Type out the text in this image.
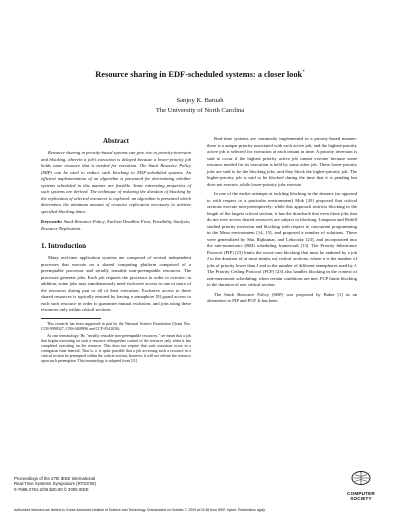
Resource sharing in EDF-scheduled systems: a closer look*
Sanjoy K. Baruah
The University of North Carolina
Abstract

Resource sharing in priority-based systems can give rise to priority-inversion and blocking, wherein a job's execution is delayed because a lower-priority job holds some resource that is needed for execution. The Stack Resource Policy (SRP) can be used to reduce such blocking in EDF-scheduled systems. An efficient implementation of an algorithm is presented for determining whether systems scheduled in this manner are feasible. Some interesting properties of such systems are derived. The technique of reducing the duration of blocking by the replication of selected resources is explored: an algorithm is presented which determines the minimum amount of resource replication necessary to achieve specified blocking times.

Keywords: Stack Resource Policy; Earliest Deadline First; Feasibility Analysis; Resource Replication.
1. Introduction

Many real-time application systems are composed of several independent processes that execute on a shared computing platform comprised of a preemptable processor and serially reusable non-preemptable resources. The processes generate jobs. Each job requires the processor in order to execute; in addition, some jobs may simultaneously need exclusive access to one or more of the resources during part or all of their execution. Exclusive access to these shared resources is typically ensured by having a semaphore [9] guard access to each such resource in order to guarantee mutual exclusion, and jobs using these resources only within critical sections.

This research has been supported in part by the National Science Foundation (Grant Nos. CCR-9988327, CNS-0408996 and CCF-0541056).

As one terminology: By "serially reusable non-preemptable resources," we mean that a job that begins executing on such a resource relinquishes control of the resource only when it has completed executing on the resource. This does not require that such execution occur in a contiguous time interval. That is, it is quite possible that a job accessing such a resource in a critical section be preempted within the critical section; however, it will not release the resource upon such preemption. This terminology is adopted from [11].

Real-time systems are commonly implemented in a priority-based manner: there is a unique priority associated with each active job, and the highest-priority active job is selected for execution at each instant in time. A priority inversion is said to occur if the highest priority active job cannot execute because some resource needed for its execution is held by some other job. These lower-priority jobs are said to be the blocking jobs, and they block the higher-priority job. The higher-priority job is said to be blocked during the time that it is pending but does not execute, while lower-priority jobs execute.

In one of the earlier attempts at tackling blocking in the abstract (as opposed to with respect to a particular environment) Mok [20] proposed that critical sections execute non-preemptively; while this approach restricts blocking to the length of the largest critical section, it has the drawback that even those jobs that do not ever access shared resources are subject to blocking. Lampson and Redell studied priority inversion and blocking with respect to concurrent programming in the Mesa environment [14, 15], and proposed a number of solutions. These were generalized by Sha, Rajkumar, and Lehoczky [23], and incorporated into the rate-monotonic (RM) scheduling framework [13]. The Priority Inheritance Protocol (PIP) [23] limits the worst-case blocking that must be endured by a job J to the duration of at most min(n, m) critical sections, where n is the number of jobs of priority lower than J and m the number of different semaphores used by J. The Priority Ceiling Protocol (PCP) [23] also handles blocking in the context of rate-monotonic scheduling; when certain conditions are met, PCP limits blocking to the duration of one critical section.

The Stack Resource Policy (SRP) was proposed by Baker [1] as an alternative to PIP and PCP. It has been

Proceedings of the 27th IEEE International
Real-Time Systems Symposium (RTSS'06)
0-7695-2761-2/06 $20.00 © 2006 IEEE
COMPUTER
SOCIETY
Authorized licensed use limited to: Korea Advanced Institute of Science and Technology. Downloaded on October 7, 2009 at 01:38 from IEEE Xplore. Restrictions apply.
